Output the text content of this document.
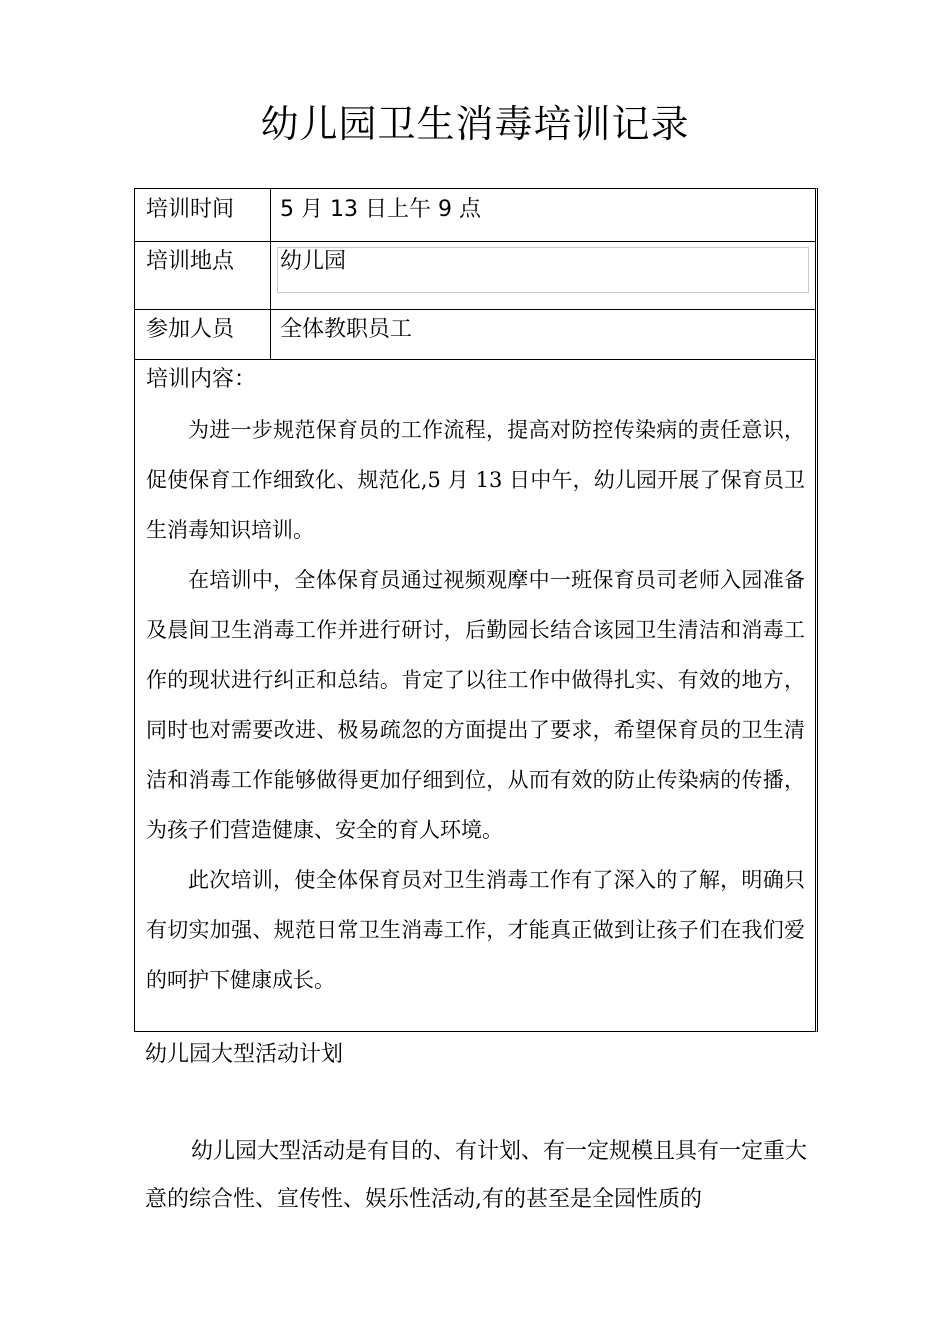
幼儿园卫生消毒培训记录
培训时间	5 月 13 日上午 9 点
培训地点	幼儿园
参加人员	全体教职员工
培训内容：

为进一步规范保育员的工作流程，提高对防控传染病的责任意识，促使保育工作细致化、规范化,5 月 13 日中午，幼儿园开展了保育员卫生消毒知识培训。

在培训中，全体保育员通过视频观摩中一班保育员司老师入园准备及晨间卫生消毒工作并进行研讨，后勤园长结合该园卫生清洁和消毒工作的现状进行纠正和总结。肯定了以往工作中做得扎实、有效的地方，同时也对需要改进、极易疏忽的方面提出了要求，希望保育员的卫生清洁和消毒工作能够做得更加仔细到位，从而有效的防止传染病的传播，为孩子们营造健康、安全的育人环境。

此次培训，使全体保育员对卫生消毒工作有了深入的了解，明确只有切实加强、规范日常卫生消毒工作，才能真正做到让孩子们在我们爱的呵护下健康成长。

幼儿园大型活动计划

幼儿园大型活动是有目的、有计划、有一定规模且具有一定重大意的综合性、宣传性、娱乐性活动,有的甚至是全园性质的
